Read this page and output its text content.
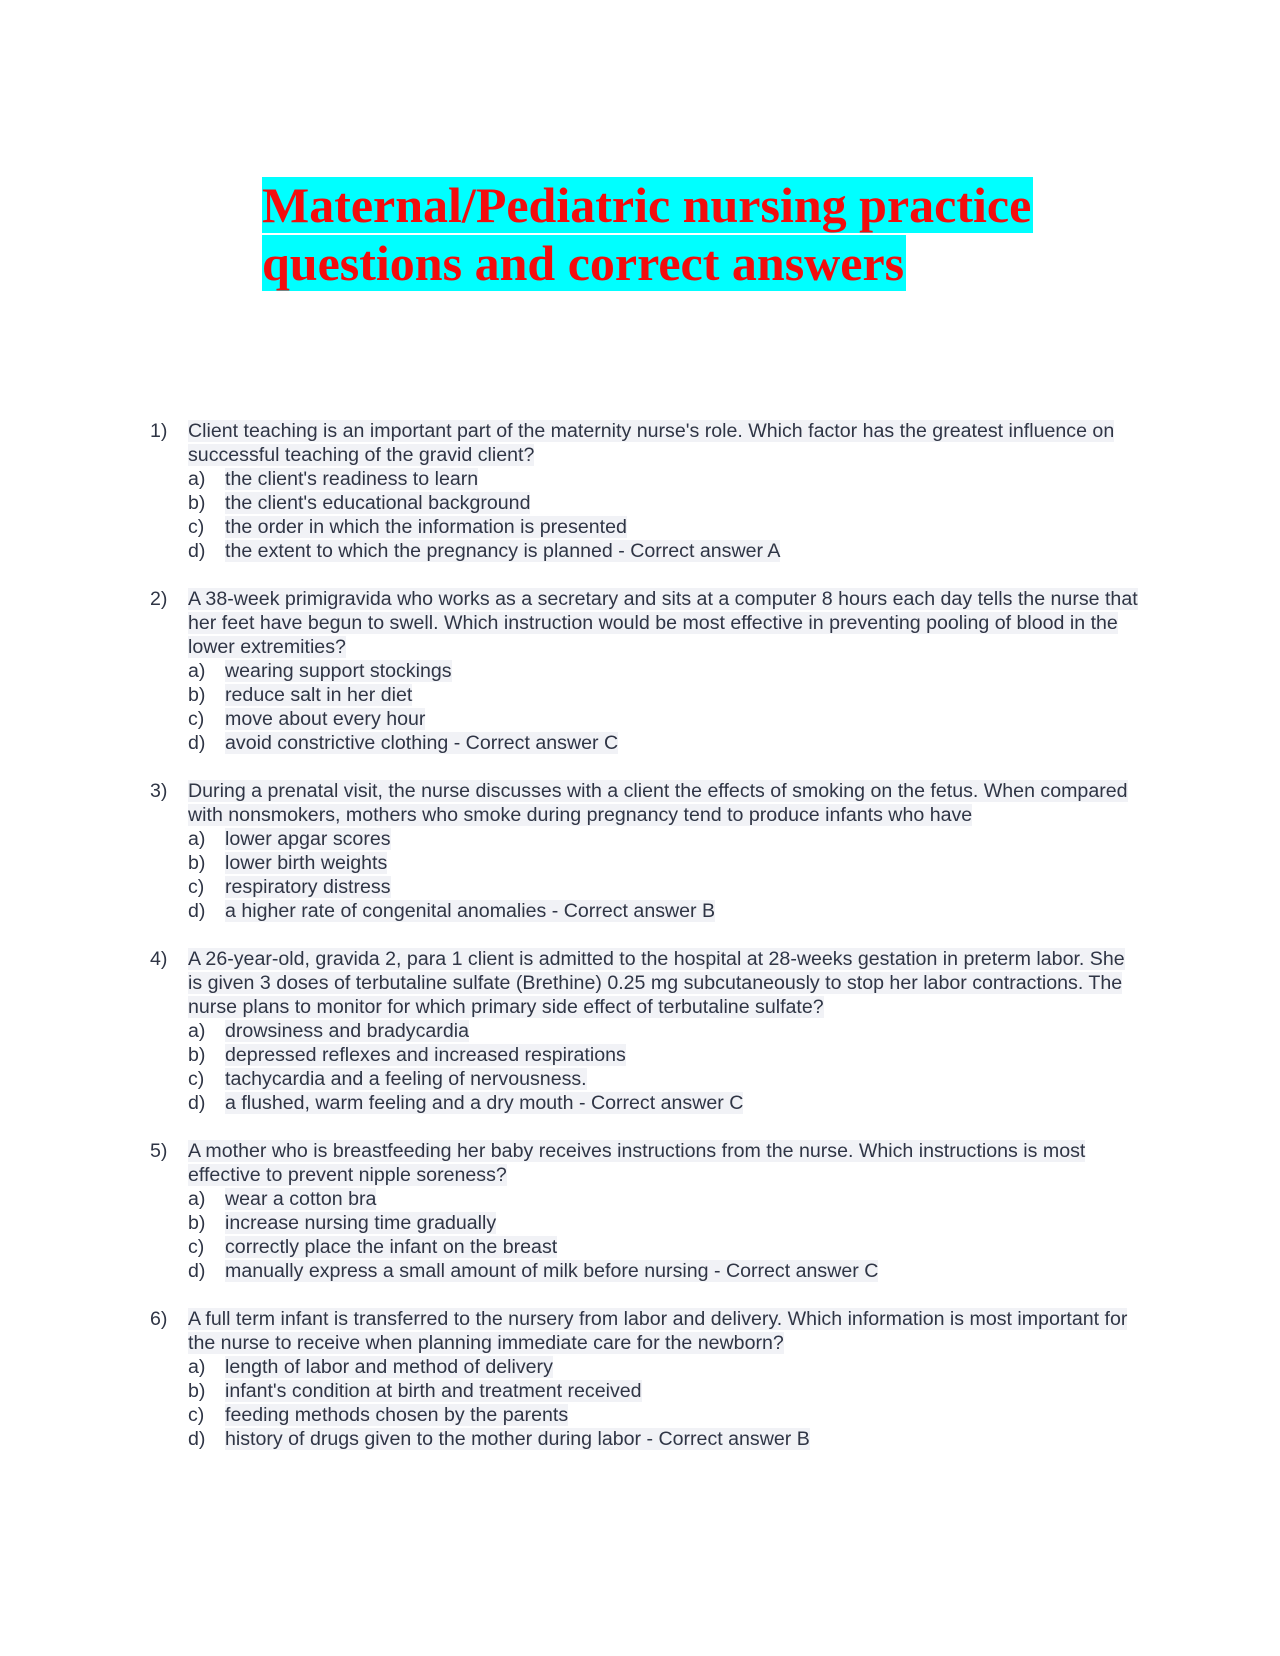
Maternal/Pediatric nursing practice
questions and correct answers
1)	Client teaching is an important part of the maternity nurse's role. Which factor has the greatest influence on successful teaching of the gravid client?
a) the client's readiness to learn
b) the client's educational background
c) the order in which the information is presented
d) the extent to which the pregnancy is planned - Correct answer A
2)	A 38-week primigravida who works as a secretary and sits at a computer 8 hours each day tells the nurse that her feet have begun to swell. Which instruction would be most effective in preventing pooling of blood in the lower extremities?
a) wearing support stockings
b) reduce salt in her diet
c) move about every hour
d) avoid constrictive clothing - Correct answer C
3)	During a prenatal visit, the nurse discusses with a client the effects of smoking on the fetus. When compared with nonsmokers, mothers who smoke during pregnancy tend to produce infants who have
a) lower apgar scores
b) lower birth weights
c) respiratory distress
d) a higher rate of congenital anomalies - Correct answer B
4)	A 26-year-old, gravida 2, para 1 client is admitted to the hospital at 28-weeks gestation in preterm labor. She is given 3 doses of terbutaline sulfate (Brethine) 0.25 mg subcutaneously to stop her labor contractions. The nurse plans to monitor for which primary side effect of terbutaline sulfate?
a) drowsiness and bradycardia
b) depressed reflexes and increased respirations
c) tachycardia and a feeling of nervousness.
d) a flushed, warm feeling and a dry mouth - Correct answer C
5)	A mother who is breastfeeding her baby receives instructions from the nurse. Which instructions is most effective to prevent nipple soreness?
a) wear a cotton bra
b) increase nursing time gradually
c) correctly place the infant on the breast
d) manually express a small amount of milk before nursing - Correct answer C
6)	A full term infant is transferred to the nursery from labor and delivery. Which information is most important for the nurse to receive when planning immediate care for the newborn?
a) length of labor and method of delivery
b) infant's condition at birth and treatment received
c) feeding methods chosen by the parents
d) history of drugs given to the mother during labor - Correct answer B
